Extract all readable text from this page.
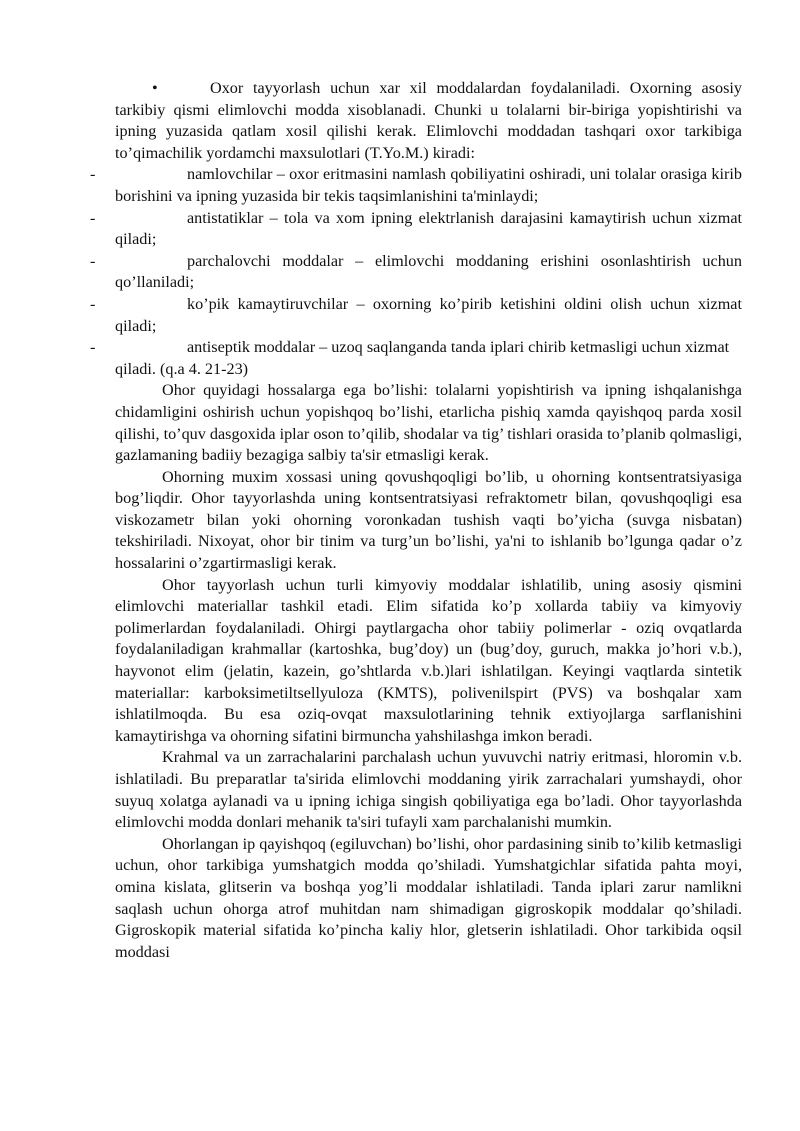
•	Oxor tayyorlash uchun xar xil moddalardan foydalaniladi. Oxorning asosiy tarkibiy qismi elimlovchi modda xisoblanadi. Chunki u tolalarni bir-biriga yopishtirishi va ipning yuzasida qatlam xosil qilishi kerak. Elimlovchi moddadan tashqari oxor tarkibiga to’qimachilik yordamchi maxsulotlari (T.Yo.M.) kiradi:

-	namlovchilar – oxor eritmasini namlash qobiliyatini oshiradi, uni tolalar orasiga kirib borishini va ipning yuzasida bir tekis taqsimlanishini ta'minlaydi;

-	antistatiklar – tola va xom ipning elektrlanish darajasini kamaytirish uchun xizmat qiladi;

-	parchalovchi moddalar – elimlovchi moddaning erishini osonlashtirish uchun qo’llaniladi;

-	ko’pik kamaytiruvchilar – oxorning ko’pirib ketishini oldini olish uchun xizmat qiladi;

-	antiseptik moddalar – uzoq saqlanganda tanda iplari chirib ketmasligi uchun xizmat qiladi. (q.a 4. 21-23)

Ohor quyidagi hossalarga ega bo’lishi: tolalarni yopishtirish va ipning ishqalanishga chidamligini oshirish uchun yopishqoq bo’lishi, etarlicha pishiq xamda qayishqoq parda xosil qilishi, to’quv dasgoxida iplar oson to’qilib, shodalar va tig’ tishlari orasida to’planib qolmasligi, gazlamaning badiiy bezagiga salbiy ta'sir etmasligi kerak.

Ohorning muxim xossasi uning qovushqoqligi bo’lib, u ohorning kontsentratsiyasiga bog’liqdir. Ohor tayyorlashda uning kontsentratsiyasi refraktometr bilan, qovushqoqligi esa viskozametr bilan yoki ohorning voronkadan tushish vaqti bo’yicha (suvga nisbatan) tekshiriladi. Nixoyat, ohor bir tinim va turg’un bo’lishi, ya'ni to ishlanib bo’lgunga qadar o’z hossalarini o’zgartirmasligi kerak.

Ohor tayyorlash uchun turli kimyoviy moddalar ishlatilib, uning asosiy qismini elimlovchi materiallar tashkil etadi. Elim sifatida ko’p xollarda tabiiy va kimyoviy polimerlardan foydalaniladi. Ohirgi paytlargacha ohor tabiiy polimerlar - oziq ovqatlarda foydalaniladigan krahmallar (kartoshka, bug’doy) un (bug’doy, guruch, makka jo’hori v.b.), hayvonot elim (jelatin, kazein, go’shtlarda v.b.)lari ishlatilgan. Keyingi vaqtlarda sintetik materiallar: karboksimetiltsellyuloza (KMTS), polivenilspirt (PVS) va boshqalar xam ishlatilmoqda. Bu esa oziq-ovqat maxsulotlarining tehnik extiyojlarga sarflanishini kamaytirishga va ohorning sifatini birmuncha yahshilashga imkon beradi.

Krahmal va un zarrachalarini parchalash uchun yuvuvchi natriy eritmasi, hloromin v.b. ishlatiladi. Bu preparatlar ta'sirida elimlovchi moddaning yirik zarrachalari yumshaydi, ohor suyuq xolatga aylanadi va u ipning ichiga singish qobiliyatiga ega bo’ladi. Ohor tayyorlashda elimlovchi modda donlari mehanik ta'siri tufayli xam parchalanishi mumkin.

Ohorlangan ip qayishqoq (egiluvchan) bo’lishi, ohor pardasining sinib to’kilib ketmasligi uchun, ohor tarkibiga yumshatgich modda qo’shiladi. Yumshatgichlar sifatida pahta moyi, omina kislata, glitserin va boshqa yog’li moddalar ishlatiladi. Tanda iplari zarur namlikni saqlash uchun ohorga atrof muhitdan nam shimadigan gigroskopik moddalar qo’shiladi. Gigroskopik material sifatida ko’pincha kaliy hlor, gletserin ishlatiladi. Ohor tarkibida oqsil moddasi
